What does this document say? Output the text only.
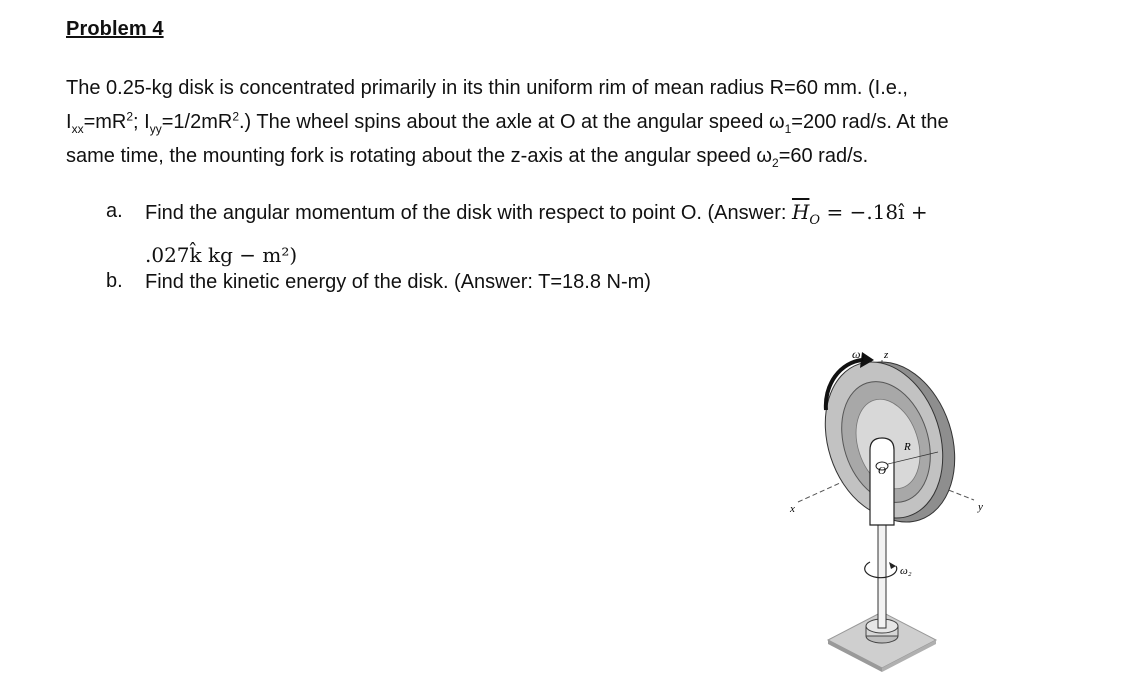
Problem 4
The 0.25-kg disk is concentrated primarily in its thin uniform rim of mean radius R=60 mm. (I.e.,
$I_{xx}=mR^2$; $I_{yy}=1/2mR^2$.) The wheel spins about the axle at O at the angular speed $\omega_1=200$ rad/s. At the
same time, the mounting fork is rotating about the z-axis at the angular speed $\omega_2=60$ rad/s.
a. Find the angular momentum of the disk with respect to point O. (Answer: $\overline{H}_O$ = −.18î +
.027k̂ kg − m²)
b. Find the kinetic energy of the disk. (Answer: T=18.8 N-m)
ω₁ z
R
O
x	y
ω₂
